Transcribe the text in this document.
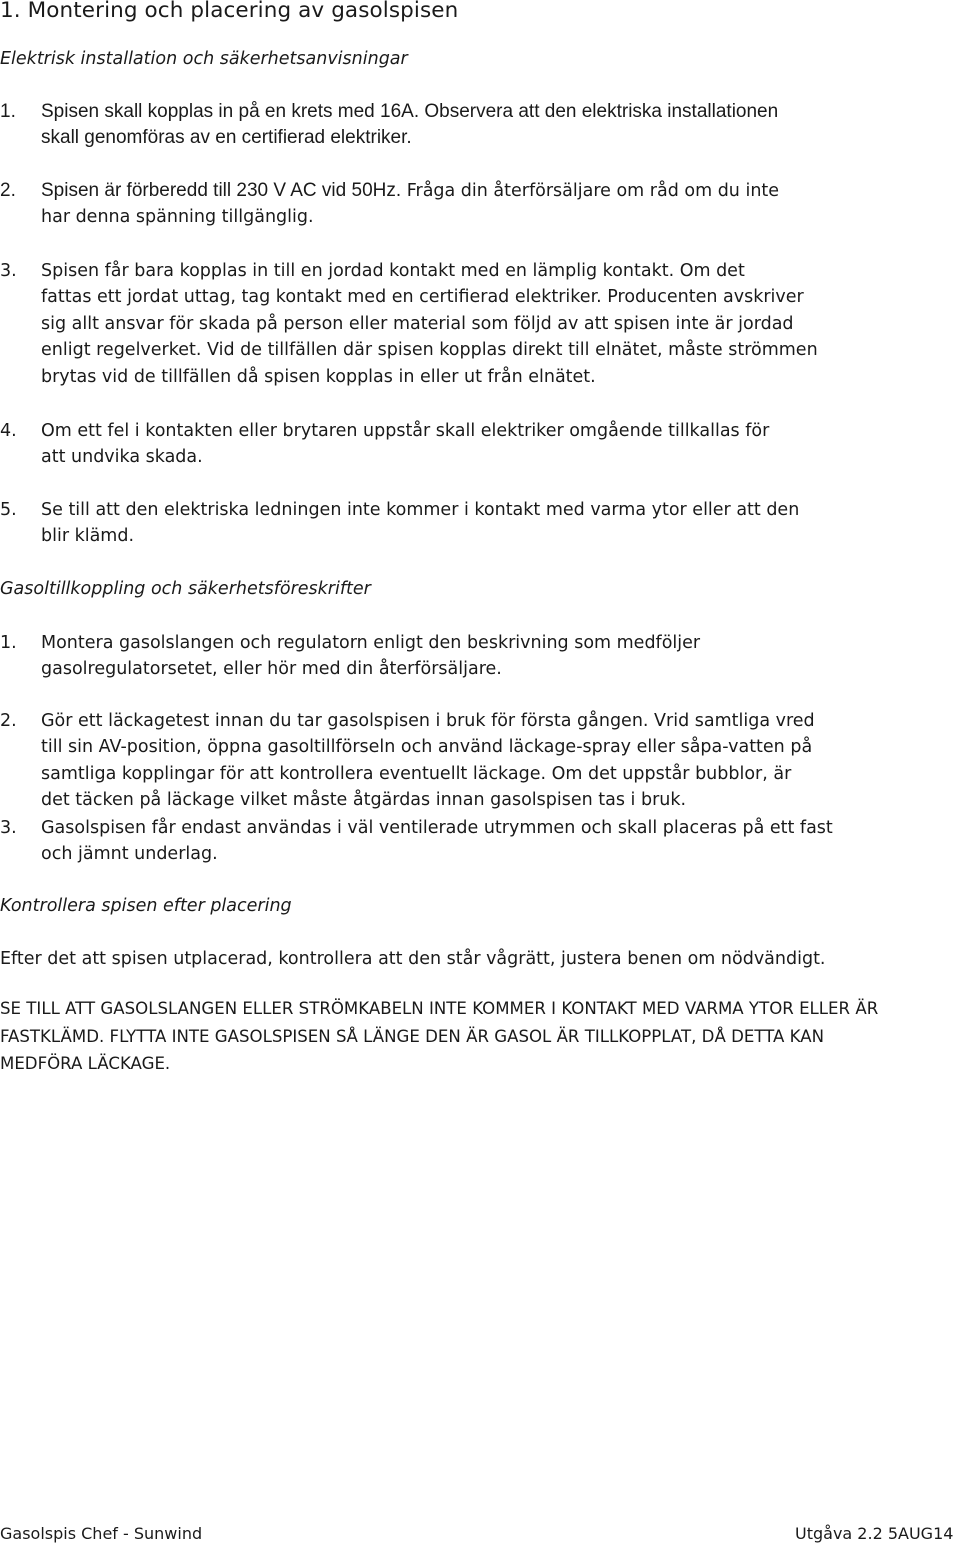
1. Montering och placering av gasolspisen

Elektrisk installation och säkerhetsanvisningar

1. Spisen skall kopplas in på en krets med 16A. Observera att den elektriska installationen
skall genomföras av en certifierad elektriker.
2. Spisen är förberedd till 230 V AC vid 50Hz. Fråga din återförsäljare om råd om du inte
har denna spänning tillgänglig.
3. Spisen får bara kopplas in till en jordad kontakt med en lämplig kontakt. Om det
fattas ett jordat uttag, tag kontakt med en certifierad elektriker. Producenten avskriver
sig allt ansvar för skada på person eller material som följd av att spisen inte är jordad
enligt regelverket. Vid de tillfällen där spisen kopplas direkt till elnätet, måste strömmen
brytas vid de tillfällen då spisen kopplas in eller ut från elnätet.
4. Om ett fel i kontakten eller brytaren uppstår skall elektriker omgående tillkallas för
att undvika skada.
5. Se till att den elektriska ledningen inte kommer i kontakt med varma ytor eller att den
blir klämd.

Gasoltillkoppling och säkerhetsföreskrifter

1. Montera gasolslangen och regulatorn enligt den beskrivning som medföljer
gasolregulatorsetet, eller hör med din återförsäljare.
2. Gör ett läckagetest innan du tar gasolspisen i bruk för första gången. Vrid samtliga vred
till sin AV-position, öppna gasoltillförseln och använd läckage-spray eller såpa-vatten på
samtliga kopplingar för att kontrollera eventuellt läckage. Om det uppstår bubblor, är
det täcken på läckage vilket måste åtgärdas innan gasolspisen tas i bruk.
3. Gasolspisen får endast användas i väl ventilerade utrymmen och skall placeras på ett fast
och jämnt underlag.

Kontrollera spisen efter placering

Efter det att spisen utplacerad, kontrollera att den står vågrätt, justera benen om nödvändigt.

SE TILL ATT GASOLSLANGEN ELLER STRÖMKABELN INTE KOMMER I KONTAKT MED VARMA YTOR ELLER ÄR
FASTKLÄMD. FLYTTA INTE GASOLSPISEN SÅ LÄNGE DEN ÄR GASOL ÄR TILLKOPPLAT, DÅ DETTA KAN
MEDFÖRA LÄCKAGE.

Gasolspis Chef - Sunwind	Utgåva 2.2 5AUG14
